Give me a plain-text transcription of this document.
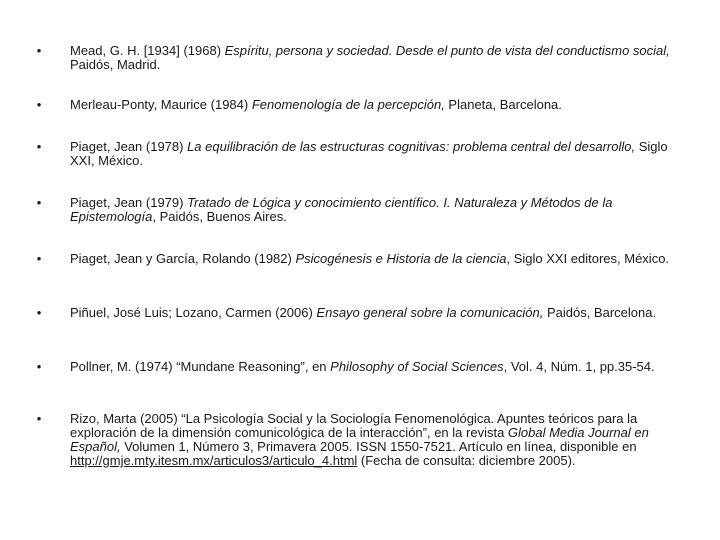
• Mead, G. H. [1934] (1968) Espíritu, persona y sociedad. Desde el punto de vista del conductismo social, Paidós, Madrid.
• Merleau-Ponty, Maurice (1984) Fenomenología de la percepción, Planeta, Barcelona.
• Piaget, Jean (1978) La equilibración de las estructuras cognitivas: problema central del desarrollo, Siglo XXI, México.
• Piaget, Jean (1979) Tratado de Lógica y conocimiento científico. I. Naturaleza y Métodos de la Epistemología, Paidós, Buenos Aires.
• Piaget, Jean y García, Rolando (1982) Psicogénesis e Historia de la ciencia, Siglo XXI editores, México.
• Piñuel, José Luis; Lozano, Carmen (2006) Ensayo general sobre la comunicación, Paidós, Barcelona.
• Pollner, M. (1974) “Mundane Reasoning”, en Philosophy of Social Sciences, Vol. 4, Núm. 1, pp.35-54.
• Rizo, Marta (2005) “La Psicología Social y la Sociología Fenomenológica. Apuntes teóricos para la exploración de la dimensión comunicológica de la interacción”, en la revista Global Media Journal en Español, Volumen 1, Número 3, Primavera 2005. ISSN 1550-7521. Artículo en línea, disponible en http://gmje.mty.itesm.mx/articulos3/articulo_4.html (Fecha de consulta: diciembre 2005).
